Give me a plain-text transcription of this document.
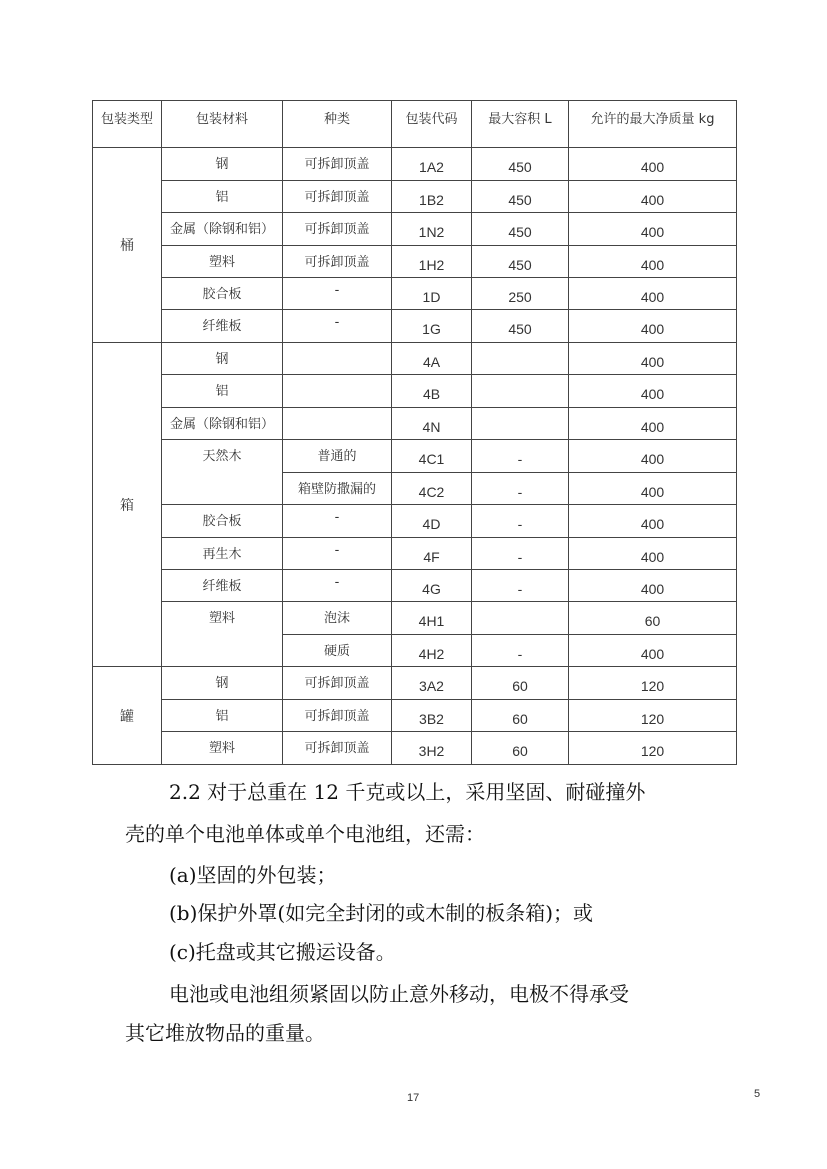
包装类型	包装材料	种类	包装代码	最大容积 L	允许的最大净质量 kg
桶	钢	可拆卸顶盖	1A2	450	400
	铝	可拆卸顶盖	1B2	450	400
	金属（除钢和铝）	可拆卸顶盖	1N2	450	400
	塑料	可拆卸顶盖	1H2	450	400
	胶合板	-	1D	250	400
	纤维板	-	1G	450	400
箱	钢		4A		400
	铝		4B		400
	金属（除钢和铝）		4N		400
	天然木	普通的	4C1	-	400
		箱壁防撒漏的	4C2	-	400
	胶合板	-	4D	-	400
	再生木	-	4F	-	400
	纤维板	-	4G	-	400
	塑料	泡沫	4H1		60
		硬质	4H2	-	400
罐	钢	可拆卸顶盖	3A2	60	120
	铝	可拆卸顶盖	3B2	60	120
	塑料	可拆卸顶盖	3H2	60	120
2.2 对于总重在 12 千克或以上，采用坚固、耐碰撞外
壳的单个电池单体或单个电池组，还需：
(a)坚固的外包装；
(b)保护外罩(如完全封闭的或木制的板条箱)；或
(c)托盘或其它搬运设备。
电池或电池组须紧固以防止意外移动，电极不得承受
其它堆放物品的重量。
17	5
